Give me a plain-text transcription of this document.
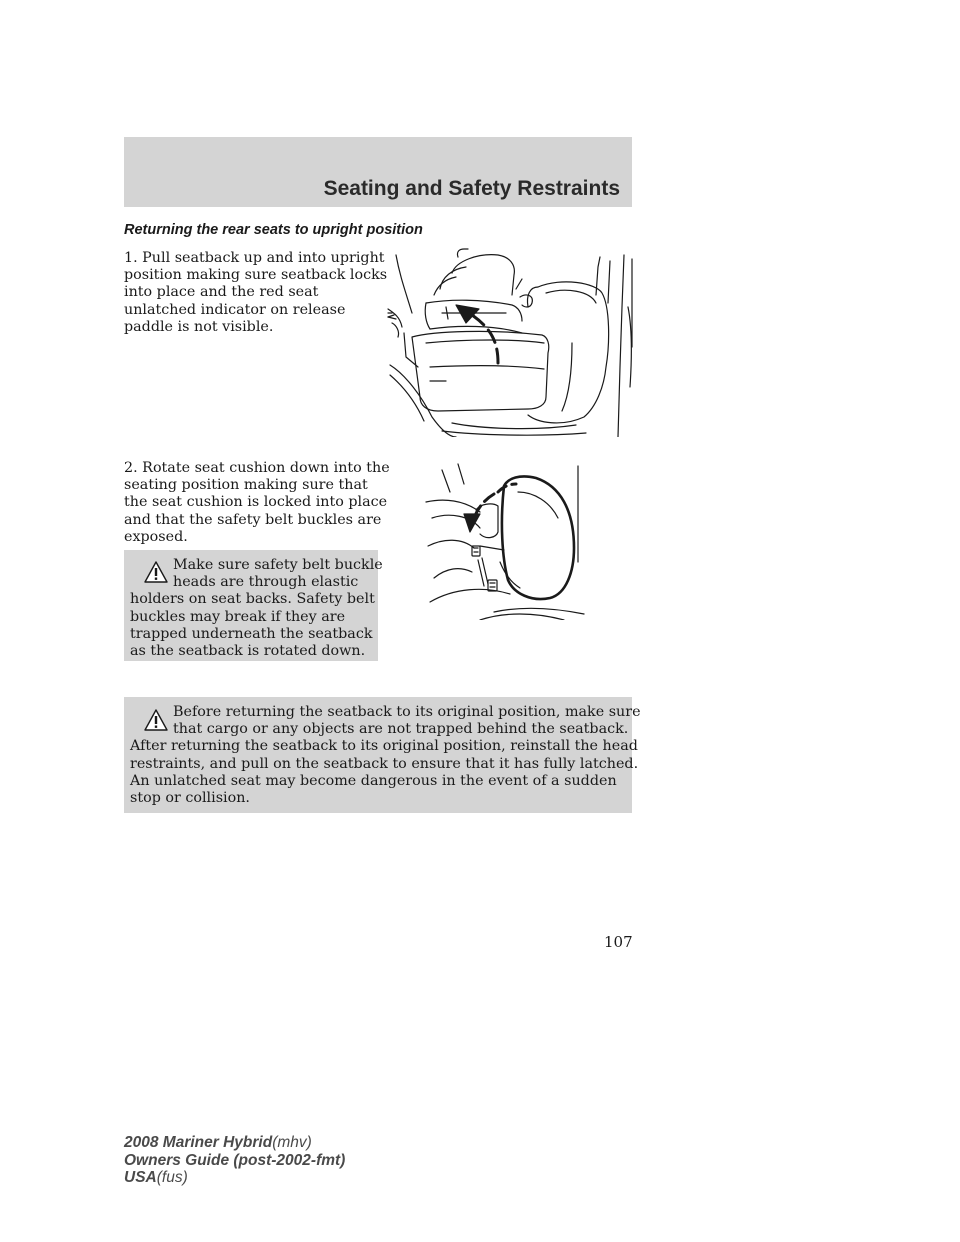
Seating and Safety Restraints
Returning the rear seats to upright position
1. Pull seatback up and into upright
position making sure seatback locks
into place and the red seat
unlatched indicator on release
paddle is not visible.
2. Rotate seat cushion down into the
seating position making sure that
the seat cushion is locked into place
and that the safety belt buckles are
exposed.
Make sure safety belt buckle
heads are through elastic
holders on seat backs. Safety belt
buckles may break if they are
trapped underneath the seatback
as the seatback is rotated down.
Before returning the seatback to its original position, make sure
that cargo or any objects are not trapped behind the seatback.
After returning the seatback to its original position, reinstall the head
restraints, and pull on the seatback to ensure that it has fully latched.
An unlatched seat may become dangerous in the event of a sudden
stop or collision.
107
2008 Mariner Hybrid(mhv)
Owners Guide (post-2002-fmt)
USA(fus)
